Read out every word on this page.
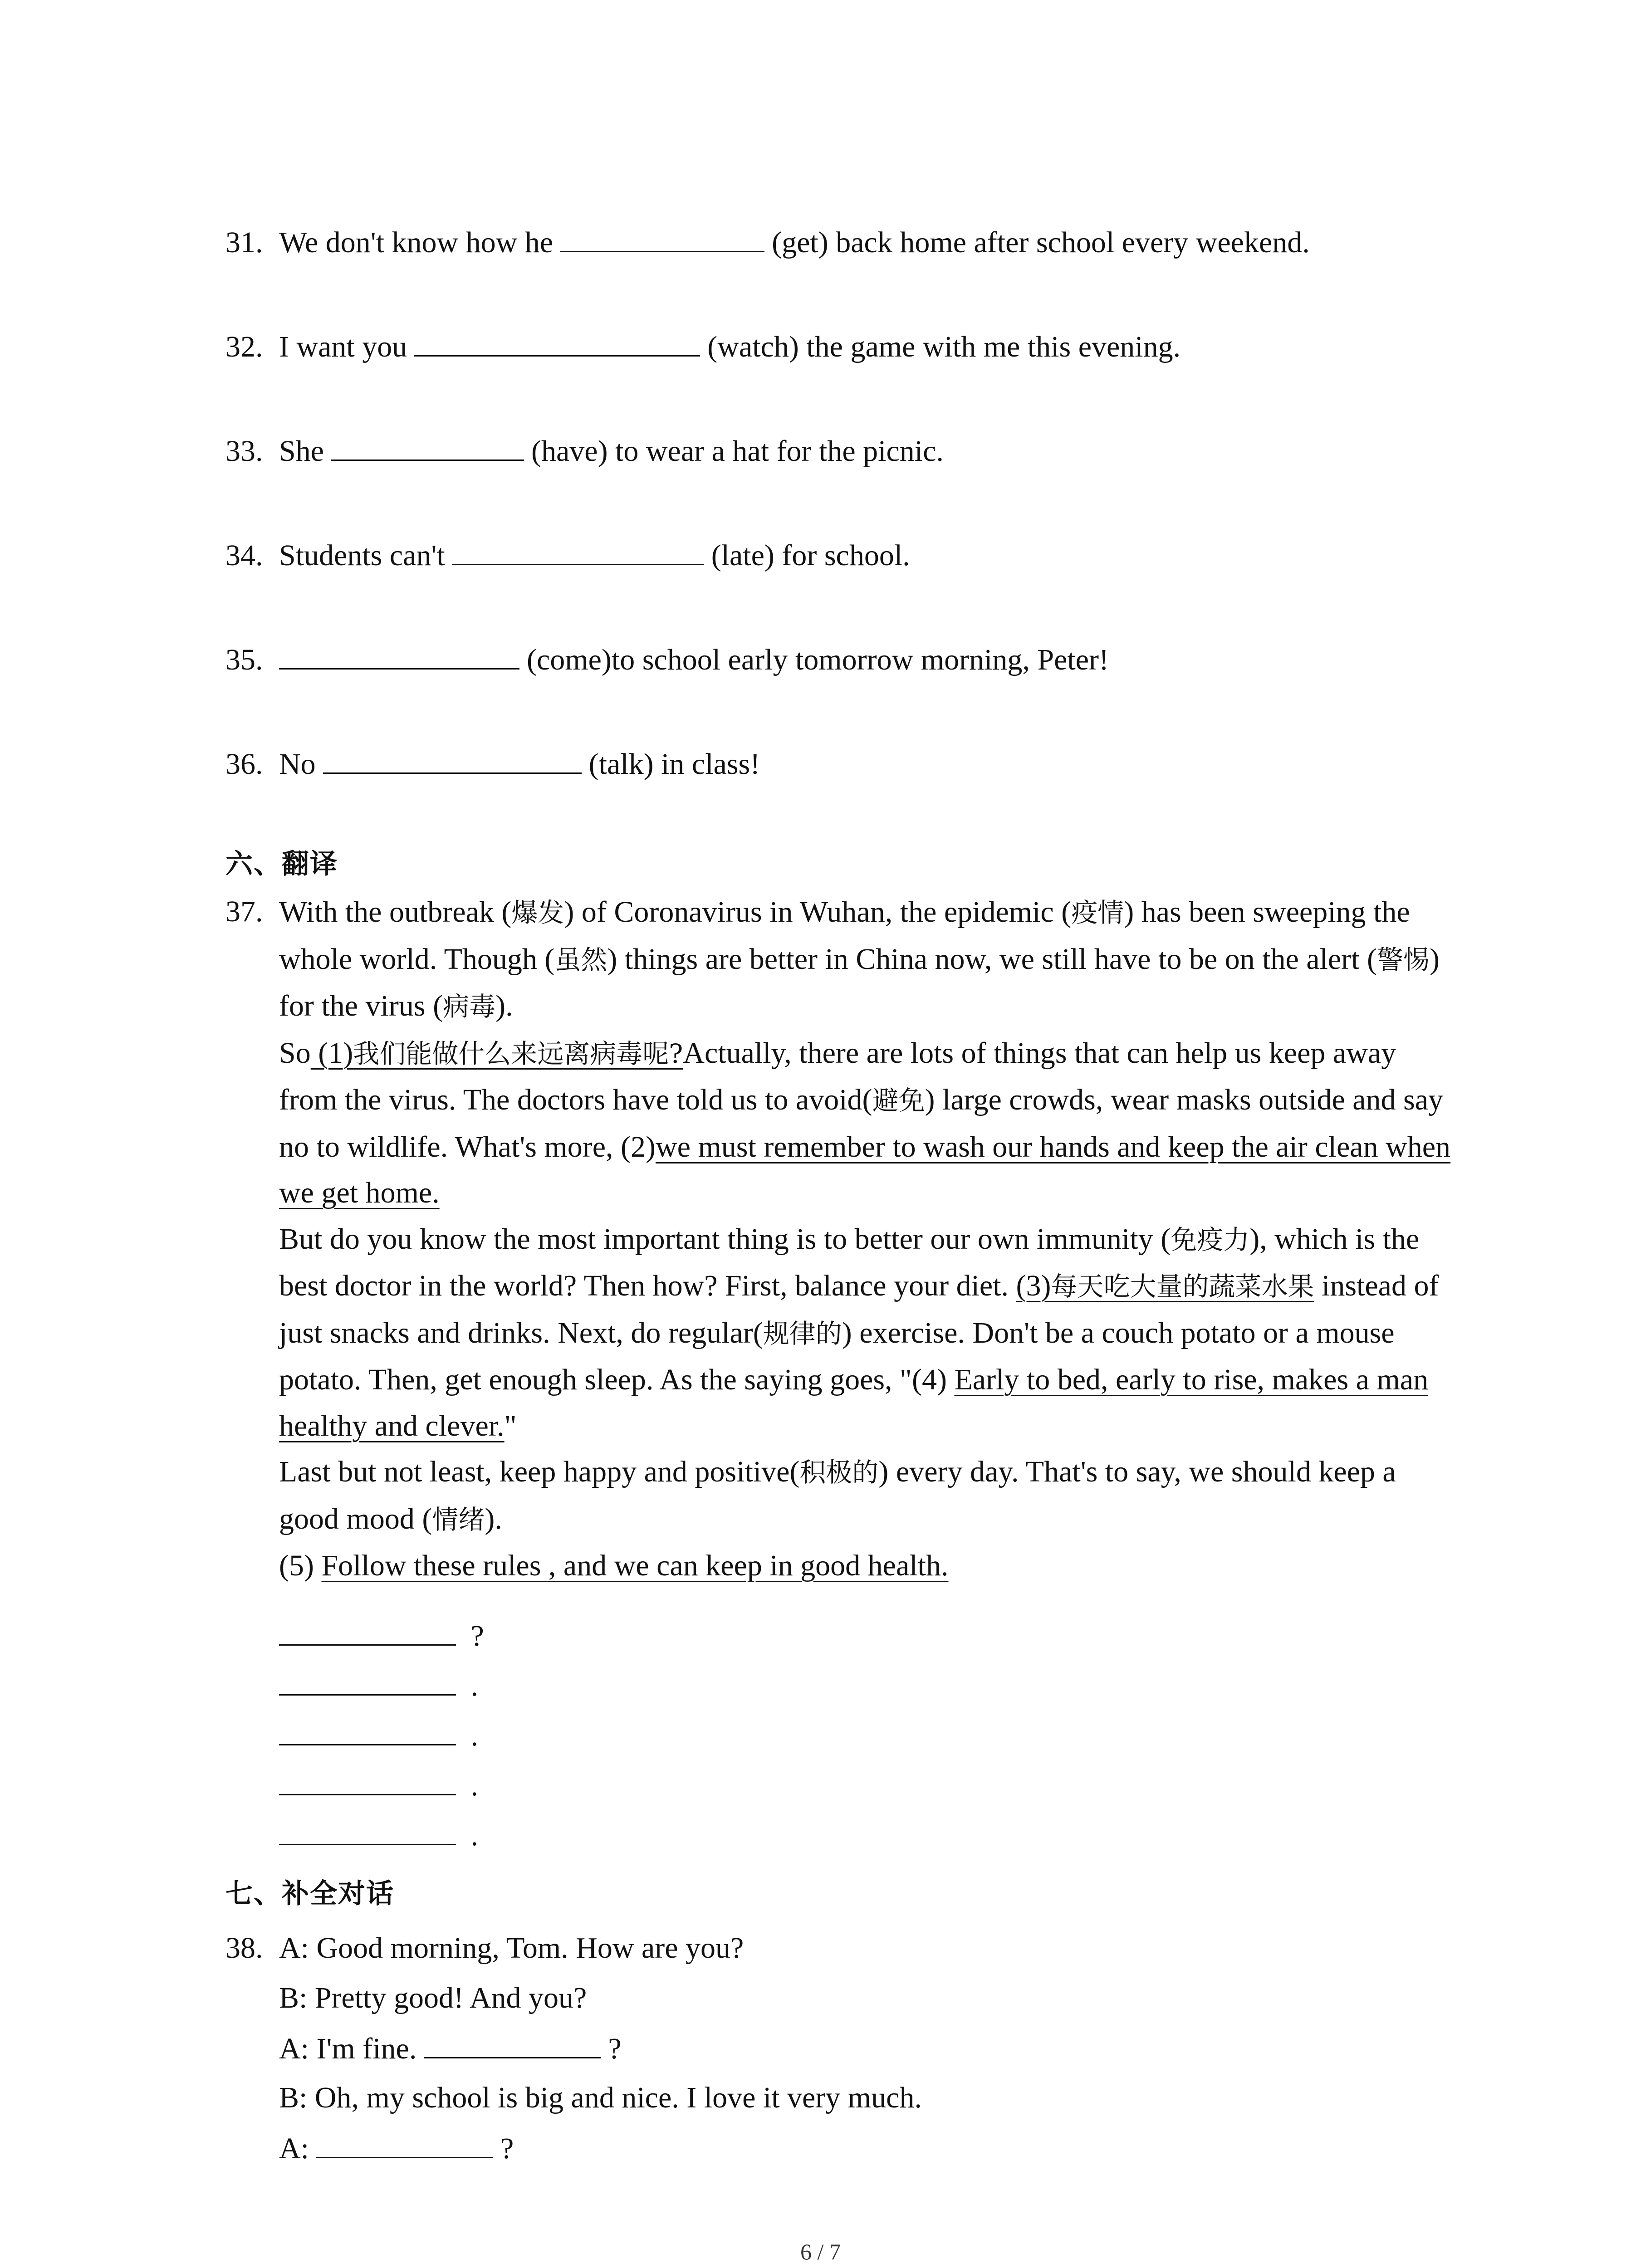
31. We don't know how he	(get) back home after school every weekend.
32. I want you	(watch) the game with me this evening.
33. She	(have) to wear a hat for the picnic.
34. Students can't	(late) for school.
35.	(come)to school early tomorrow morning, Peter!
36. No	(talk) in class!
六、翻译
37. With the outbreak (爆发) of Coronavirus in Wuhan, the epidemic (疫情) has been sweeping the whole world. Though (虽然) things are better in China now, we still have to be on the alert (警惕) for the virus (病毒).

So (1)我们能做什么来远离病毒呢?Actually, there are lots of things that can help us keep away from the virus. The doctors have told us to avoid(避免) large crowds, wear masks outside and say no to wildlife. What's more, (2)we must remember to wash our hands and keep the air clean when we get home.

But do you know the most important thing is to better our own immunity (免疫力), which is the best doctor in the world? Then how? First, balance your diet. (3)每天吃大量的蔬菜水果 instead of just snacks and drinks. Next, do regular(规律的) exercise. Don't be a couch potato or a mouse potato. Then, get enough sleep. As the saying goes, "(4) Early to bed, early to rise, makes a man healthy and clever."

Last but not least, keep happy and positive(积极的) every day. That's to say, we should keep a good mood (情绪).

(5) Follow these rules , and we can keep in good health.

?
.
.
.
.
七、补全对话
38. A: Good morning, Tom. How are you?
B: Pretty good! And you?
A: I'm fine.	?
B: Oh, my school is big and nice. I love it very much.
A:	?
6 / 7
